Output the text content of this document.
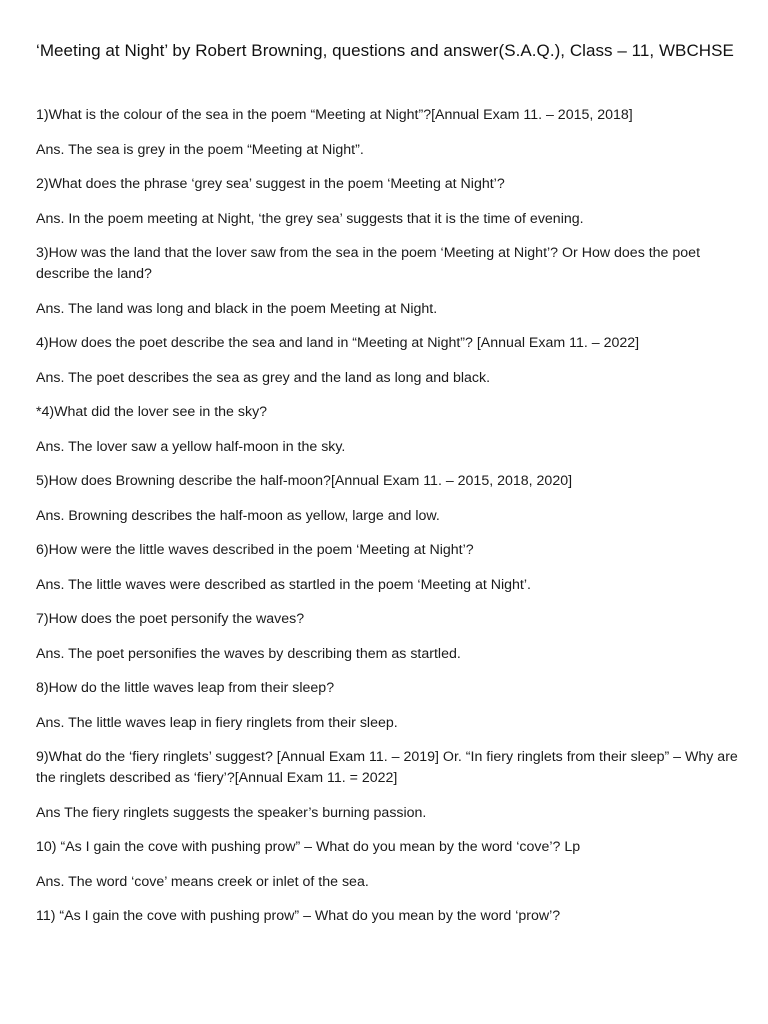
‘Meeting at Night’ by Robert Browning, questions and answer(S.A.Q.), Class – 11, WBCHSE

1)What is the colour of the sea in the poem “Meeting at Night”?[Annual Exam 11. – 2015, 2018]

Ans. The sea is grey in the poem “Meeting at Night”.

2)What does the phrase ‘grey sea’ suggest in the poem ‘Meeting at Night’?

Ans. In the poem meeting at Night, ‘the grey sea’ suggests that it is the time of evening.

3)How was the land that the lover saw from the sea in the poem ‘Meeting at Night’? Or How does the poet describe the land?

Ans. The land was long and black in the poem Meeting at Night.

4)How does the poet describe the sea and land in “Meeting at Night”? [Annual Exam 11. – 2022]

Ans. The poet describes the sea as grey and the land as long and black.

*4)What did the lover see in the sky?

Ans. The lover saw a yellow half-moon in the sky.

5)How does Browning describe the half-moon?[Annual Exam 11. – 2015, 2018, 2020]

Ans. Browning describes the half-moon as yellow, large and low.

6)How were the little waves described in the poem ‘Meeting at Night’?

Ans. The little waves were described as startled in the poem ‘Meeting at Night’.

7)How does the poet personify the waves?

Ans. The poet personifies the waves by describing them as startled.

8)How do the little waves leap from their sleep?

Ans. The little waves leap in fiery ringlets from their sleep.

9)What do the ‘fiery ringlets’ suggest? [Annual Exam 11. – 2019] Or. “In fiery ringlets from their sleep” – Why are the ringlets described as ‘fiery’?[Annual Exam 11. = 2022]

Ans The fiery ringlets suggests the speaker’s burning passion.

10) “As I gain the cove with pushing prow” – What do you mean by the word ‘cove’? Lp

Ans. The word ‘cove’ means creek or inlet of the sea.

11) “As I gain the cove with pushing prow” – What do you mean by the word ‘prow’?
